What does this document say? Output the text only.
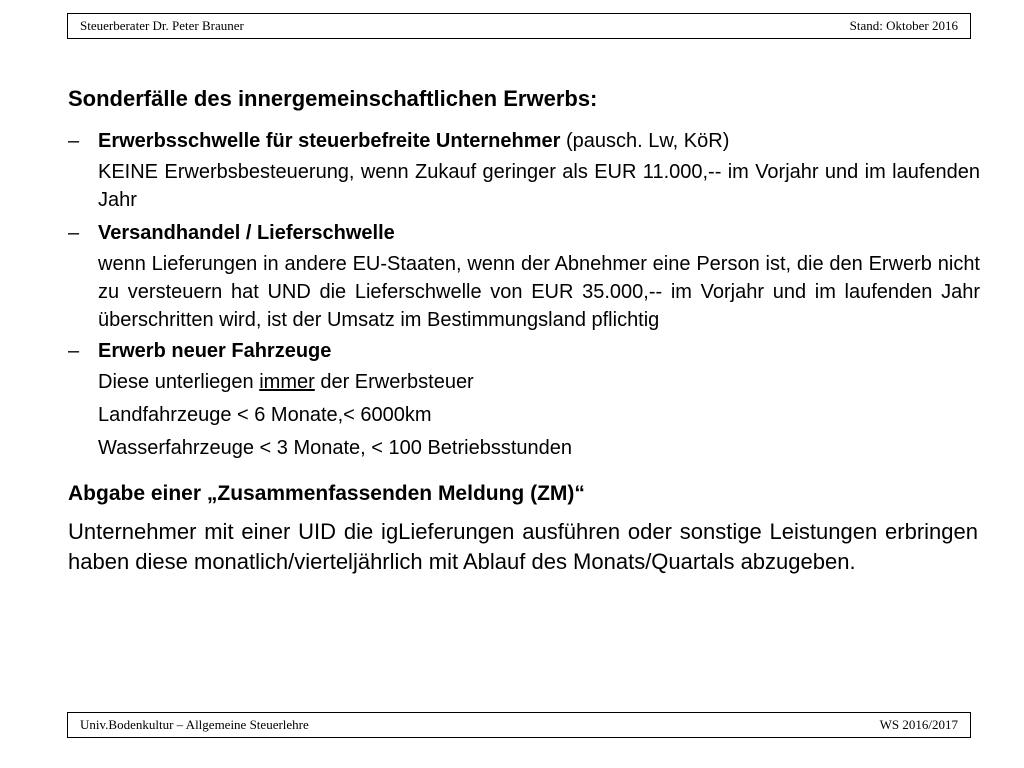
Steuerberater Dr. Peter Brauner	Stand: Oktober 2016
Sonderfälle des innergemeinschaftlichen Erwerbs:
– Erwerbsschwelle für steuerbefreite Unternehmer (pausch. Lw, KöR)
KEINE Erwerbsbesteuerung, wenn Zukauf geringer als EUR 11.000,-- im Vorjahr und im laufenden Jahr
– Versandhandel / Lieferschwelle
wenn Lieferungen in andere EU-Staaten, wenn der Abnehmer eine Person ist, die den Erwerb nicht zu versteuern hat UND die Lieferschwelle von EUR 35.000,-- im Vorjahr und im laufenden Jahr überschritten wird, ist der Umsatz im Bestimmungsland pflichtig
– Erwerb neuer Fahrzeuge
Diese unterliegen immer der Erwerbsteuer
Landfahrzeuge < 6 Monate,< 6000km
Wasserfahrzeuge < 3 Monate, < 100 Betriebsstunden
Abgabe einer „Zusammenfassenden Meldung (ZM)“
Unternehmer mit einer UID die igLieferungen ausführen oder sonstige Leistungen erbringen haben diese monatlich/vierteljährlich mit Ablauf des Monats/Quartals abzugeben.
Univ.Bodenkultur – Allgemeine Steuerlehre	WS 2016/2017
